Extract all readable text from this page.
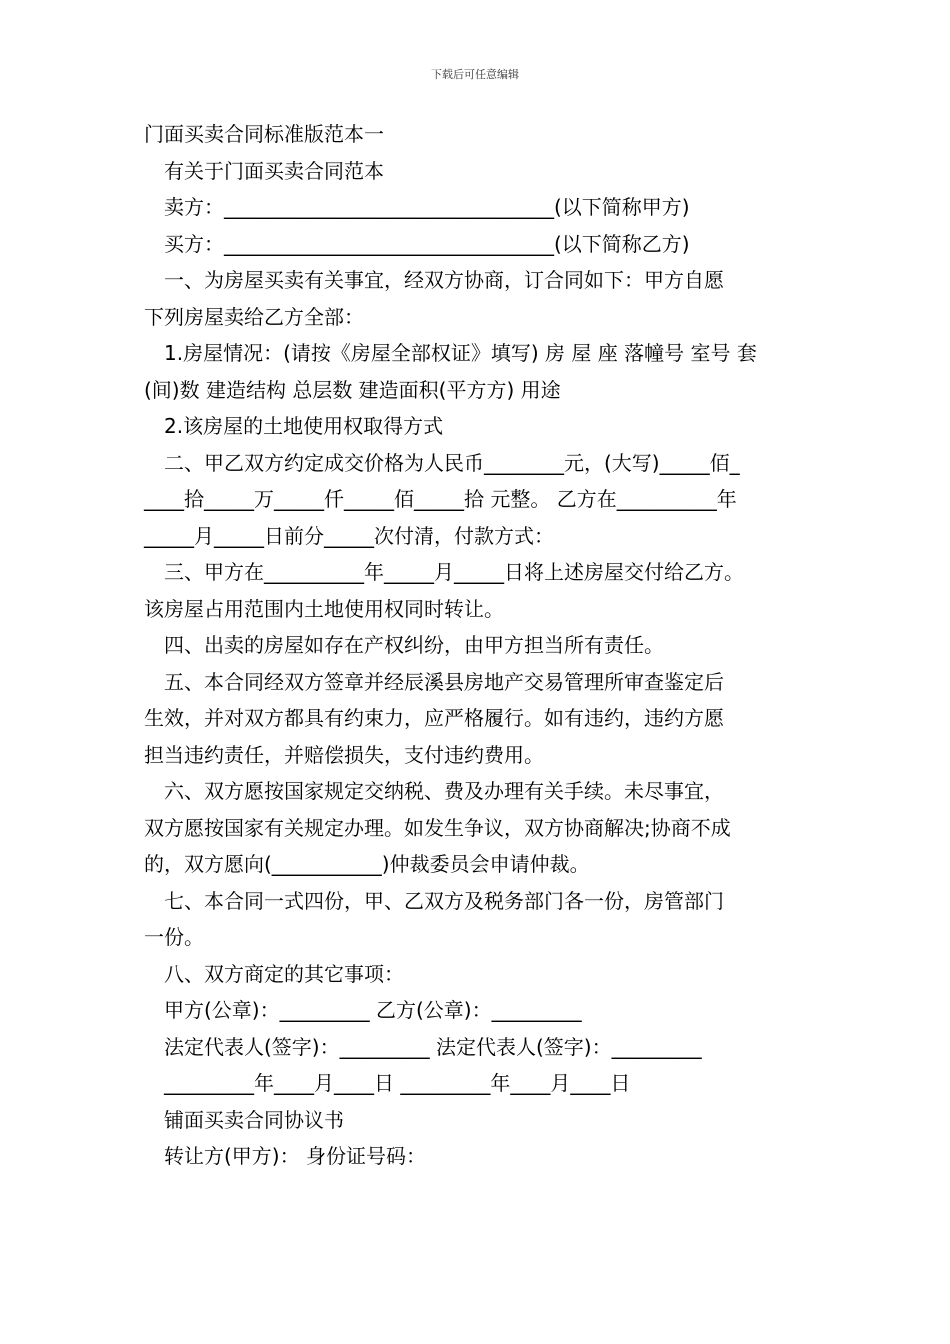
下载后可任意编辑
门面买卖合同标准版范本一
有关于门面买卖合同范本
卖方：_________________________________(以下简称甲方)
买方：_________________________________(以下简称乙方)
一、为房屋买卖有关事宜，经双方协商，订合同如下：甲方自愿
下列房屋卖给乙方全部：
1.房屋情况：(请按《房屋全部权证》填写) 房 屋 座 落幢号 室号 套
(间)数 建造结构 总层数 建造面积(平方方) 用途
2.该房屋的土地使用权取得方式
二、甲乙双方约定成交价格为人民币________元，(大写)_____佰_
____拾_____万_____仟_____佰_____拾 元整。 乙方在__________年
_____月_____日前分_____次付清，付款方式：
三、甲方在__________年_____月_____日将上述房屋交付给乙方。
该房屋占用范围内土地使用权同时转让。
四、出卖的房屋如存在产权纠纷，由甲方担当所有责任。
五、本合同经双方签章并经辰溪县房地产交易管理所审查鉴定后
生效，并对双方都具有约束力，应严格履行。如有违约，违约方愿
担当违约责任，并赔偿损失，支付违约费用。
六、双方愿按国家规定交纳税、费及办理有关手续。未尽事宜，
双方愿按国家有关规定办理。如发生争议，双方协商解决;协商不成
的，双方愿向(___________)仲裁委员会申请仲裁。
七、本合同一式四份，甲、乙双方及税务部门各一份，房管部门
一份。
八、双方商定的其它事项：
甲方(公章)：_________ 乙方(公章)：_________
法定代表人(签字)：_________ 法定代表人(签字)：_________
_________年____月____日 _________年____月____日
铺面买卖合同协议书
转让方(甲方)： 身份证号码：
